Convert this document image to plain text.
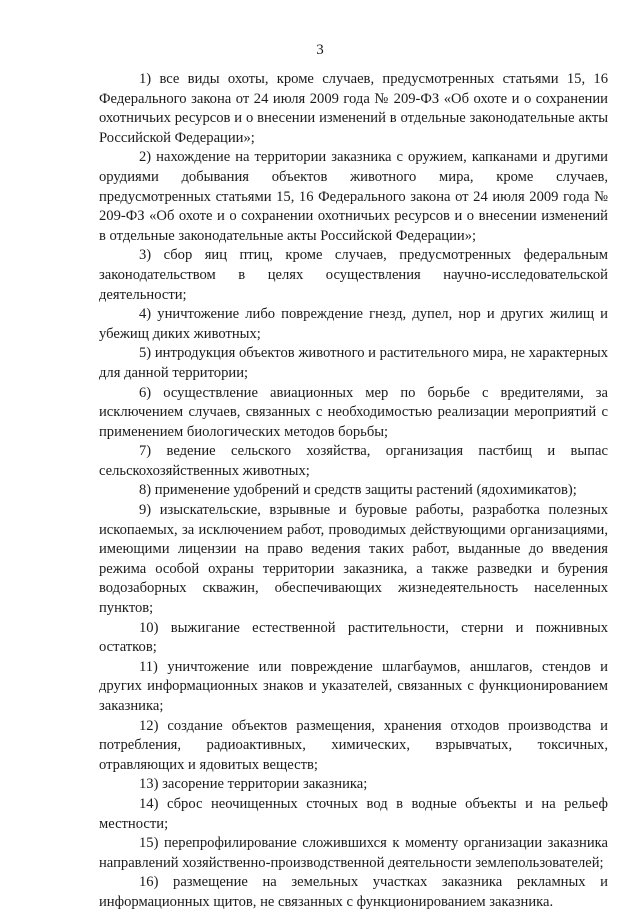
3

1) все виды охоты, кроме случаев, предусмотренных статьями 15, 16 Федерального закона от 24 июля 2009 года № 209-ФЗ «Об охоте и о сохранении охотничьих ресурсов и о внесении изменений в отдельные законодательные акты Российской Федерации»;

2) нахождение на территории заказника с оружием, капканами и другими орудиями добывания объектов животного мира, кроме случаев, предусмотренных статьями 15, 16 Федерального закона от 24 июля 2009 года № 209-ФЗ «Об охоте и о сохранении охотничьих ресурсов и о внесении изменений в отдельные законодательные акты Российской Федерации»;

3) сбор яиц птиц, кроме случаев, предусмотренных федеральным законодательством в целях осуществления научно-исследовательской деятельности;

4) уничтожение либо повреждение гнезд, дупел, нор и других жилищ и убежищ диких животных;

5) интродукция объектов животного и растительного мира, не характерных для данной территории;

6) осуществление авиационных мер по борьбе с вредителями, за исключением случаев, связанных с необходимостью реализации мероприятий с применением биологических методов борьбы;

7) ведение сельского хозяйства, организация пастбищ и выпас сельскохозяйственных животных;

8) применение удобрений и средств защиты растений (ядохимикатов);

9) изыскательские, взрывные и буровые работы, разработка полезных ископаемых, за исключением работ, проводимых действующими организациями, имеющими лицензии на право ведения таких работ, выданные до введения режима особой охраны территории заказника, а также разведки и бурения водозаборных скважин, обеспечивающих жизнедеятельность населенных пунктов;

10) выжигание естественной растительности, стерни и пожнивных остатков;

11) уничтожение или повреждение шлагбаумов, аншлагов, стендов и других информационных знаков и указателей, связанных с функционированием заказника;

12) создание объектов размещения, хранения отходов производства и потребления, радиоактивных, химических, взрывчатых, токсичных, отравляющих и ядовитых веществ;

13) засорение территории заказника;

14) сброс неочищенных сточных вод в водные объекты и на рельеф местности;

15) перепрофилирование сложившихся к моменту организации заказника направлений хозяйственно-производственной деятельности землепользователей;

16) размещение на земельных участках заказника рекламных и информационных щитов, не связанных с функционированием заказника.
